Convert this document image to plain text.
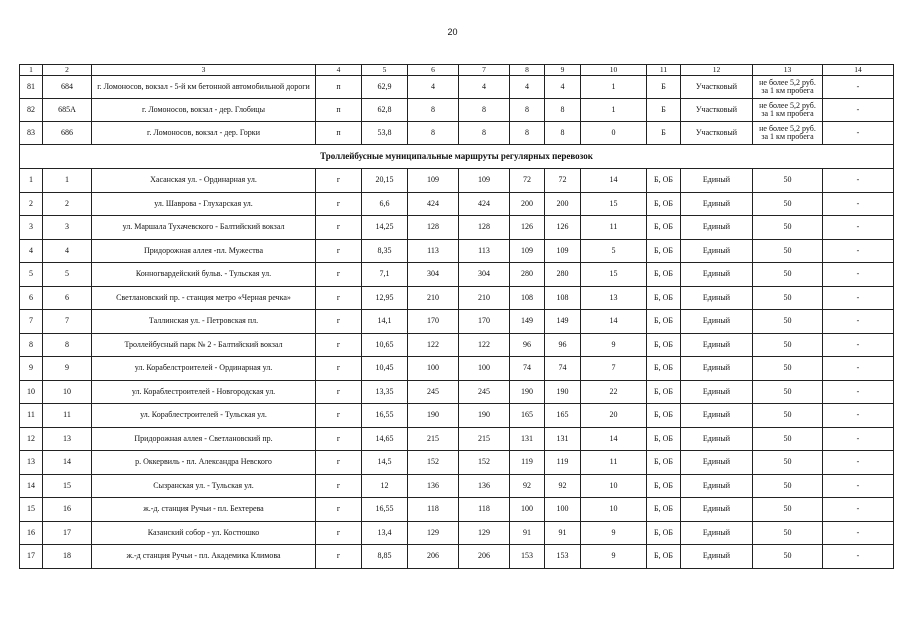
20
1	2	3	4	5	6	7	8	9	10	11	12	13	14
81	684	г. Ломоносов, вокзал - 5-й км бетонной автомобильной дороги	п	62,9	4	4	4	4	1	Б	Участковый	не более 5,2 руб. за 1 км пробега	-
82	685А	г. Ломоносов, вокзал - дер. Глобицы	п	62,8	8	8	8	8	1	Б	Участковый	не более 5,2 руб. за 1 км пробега	-
83	686	г. Ломоносов, вокзал - дер. Горки	п	53,8	8	8	8	8	0	Б	Участковый	не более 5,2 руб. за 1 км пробега	-
Троллейбусные муниципальные маршруты регулярных перевозок													
1	1	Хасанская ул. - Ординарная ул.	г	20,15	109	109	72	72	14	Б, ОБ	Единый	50	-
2	2	ул. Шаврова - Глухарская ул.	г	6,6	424	424	200	200	15	Б, ОБ	Единый	50	-
3	3	ул. Маршала Тухачевского - Балтийский вокзал	г	14,25	128	128	126	126	11	Б, ОБ	Единый	50	-
4	4	Придорожная аллея -пл. Мужества	г	8,35	113	113	109	109	5	Б, ОБ	Единый	50	-
5	5	Конногвардейский бульв. - Тульская ул.	г	7,1	304	304	280	280	15	Б, ОБ	Единый	50	-
6	6	Светлановский пр. - станция метро «Черная речка»	г	12,95	210	210	108	108	13	Б, ОБ	Единый	50	-
7	7	Таллинская ул. - Петровская пл.	г	14,1	170	170	149	149	14	Б, ОБ	Единый	50	-
8	8	Троллейбусный парк № 2 - Балтийский вокзал	г	10,65	122	122	96	96	9	Б, ОБ	Единый	50	-
9	9	ул. Корабелстроителей - Ординарная ул.	г	10,45	100	100	74	74	7	Б, ОБ	Единый	50	-
10	10	ул. Кораблестроителей - Новгородская ул.	г	13,35	245	245	190	190	22	Б, ОБ	Единый	50	-
11	11	ул. Кораблестроителей - Тульская ул.	г	16,55	190	190	165	165	20	Б, ОБ	Единый	50	-
12	13	Придорожная аллея - Светлановский пр.	г	14,65	215	215	131	131	14	Б, ОБ	Единый	50	-
13	14	р. Оккервиль - пл. Александра Невского	г	14,5	152	152	119	119	11	Б, ОБ	Единый	50	-
14	15	Сызранская ул. - Тульская ул.	г	12	136	136	92	92	10	Б, ОБ	Единый	50	-
15	16	ж.-д. станция Ручьи - пл. Бехтерева	г	16,55	118	118	100	100	10	Б, ОБ	Единый	50	-
16	17	Казанский собор - ул. Костюшко	г	13,4	129	129	91	91	9	Б, ОБ	Единый	50	-
17	18	ж.-д станция Ручьи - пл. Академика Климова	г	8,85	206	206	153	153	9	Б, ОБ	Единый	50	-
